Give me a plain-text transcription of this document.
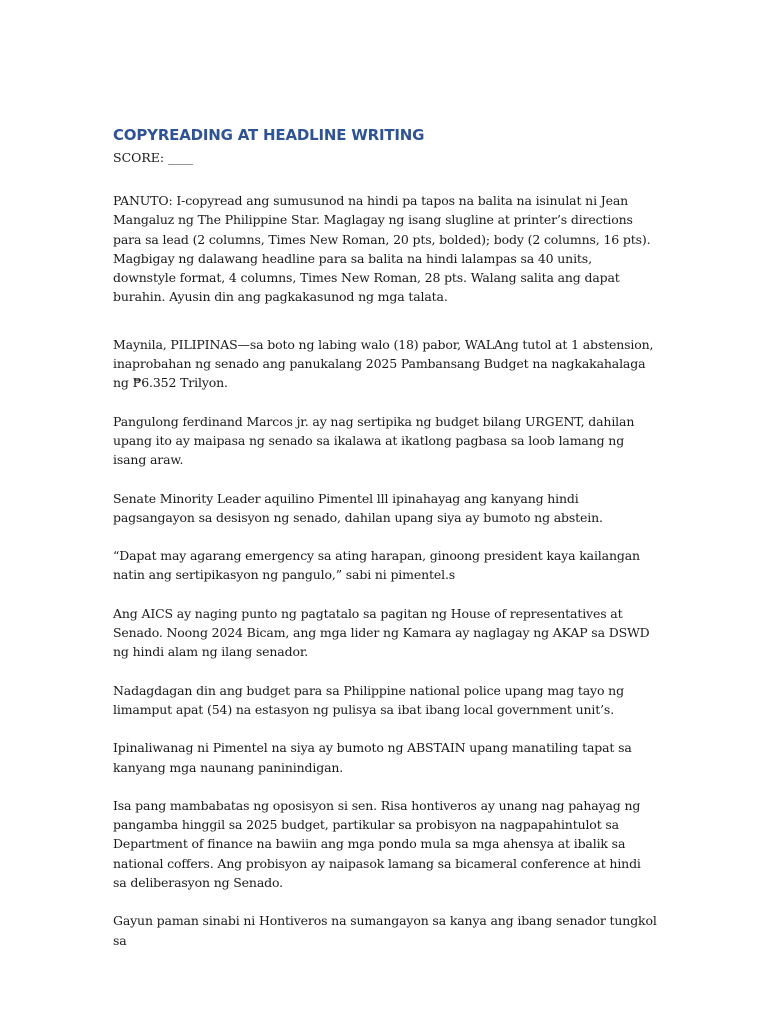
COPYREADING AT HEADLINE WRITING
SCORE: ____

PANUTO: I-copyread ang sumusunod na hindi pa tapos na balita na isinulat ni Jean Mangaluz ng The Philippine Star. Maglagay ng isang slugline at printer’s directions para sa lead (2 columns, Times New Roman, 20 pts, bolded); body (2 columns, 16 pts). Magbigay ng dalawang headline para sa balita na hindi lalampas sa 40 units, downstyle format, 4 columns, Times New Roman, 28 pts. Walang salita ang dapat burahin. Ayusin din ang pagkakasunod ng mga talata.

Maynila, PILIPINAS—sa boto ng labing walo (18) pabor, WALAng tutol at 1 abstension, inaprobahan ng senado ang panukalang 2025 Pambansang Budget na nagkakahalaga ng ₱6.352 Trilyon.

Pangulong ferdinand Marcos jr. ay nag sertipika ng budget bilang URGENT, dahilan upang ito ay maipasa ng senado sa ikalawa at ikatlong pagbasa sa loob lamang ng isang araw.

Senate Minority Leader aquilino Pimentel lll ipinahayag ang kanyang hindi pagsangayon sa desisyon ng senado, dahilan upang siya ay bumoto ng abstein.

“Dapat may agarang emergency sa ating harapan, ginoong president kaya kailangan natin ang sertipikasyon ng pangulo,” sabi ni pimentel.s

Ang AICS ay naging punto ng pagtatalo sa pagitan ng House of representatives at Senado. Noong 2024 Bicam, ang mga lider ng Kamara ay naglagay ng AKAP sa DSWD ng hindi alam ng ilang senador.

Nadagdagan din ang budget para sa Philippine national police upang mag tayo ng limamput apat (54) na estasyon ng pulisya sa ibat ibang local government unit’s.

Ipinaliwanag ni Pimentel na siya ay bumoto ng ABSTAIN upang manatiling tapat sa kanyang mga naunang paninindigan.

Isa pang mambabatas ng oposisyon si sen. Risa hontiveros ay unang nag pahayag ng pangamba hinggil sa 2025 budget, partikular sa probisyon na nagpapahintulot sa Department of finance na bawiin ang mga pondo mula sa mga ahensya at ibalik sa national coffers. Ang probisyon ay naipasok lamang sa bicameral conference at hindi sa deliberasyon ng Senado.

Gayun paman sinabi ni Hontiveros na sumangayon sa kanya ang ibang senador tungkol sa
